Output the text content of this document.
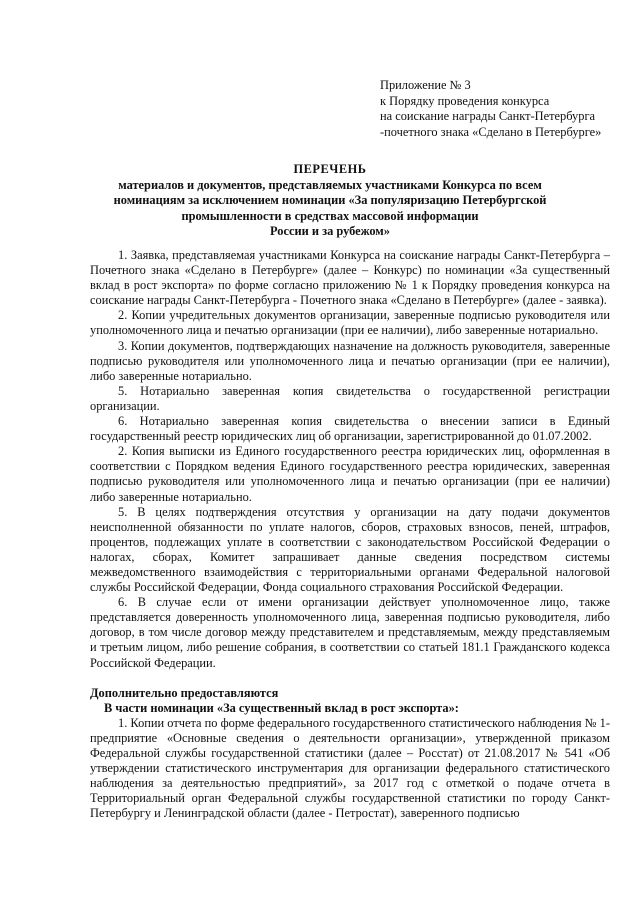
Приложение № 3
к Порядку проведения конкурса
на соискание награды Санкт-Петербурга
-почетного знака «Сделано в Петербурге»
ПЕРЕЧЕНЬ
материалов и документов, представляемых участниками Конкурса по всем
номинациям за исключением номинации «За популяризацию Петербургской
промышленности в средствах массовой информации
России и за рубежом»

1. Заявка, представляемая участниками Конкурса на соискание награды Санкт-Петербурга – Почетного знака «Сделано в Петербурге» (далее – Конкурс) по номинации «За существенный вклад в рост экспорта» по форме согласно приложению № 1 к Порядку проведения конкурса на соискание награды Санкт-Петербурга - Почетного знака «Сделано в Петербурге» (далее - заявка).

2. Копии учредительных документов организации, заверенные подписью руководителя или уполномоченного лица и печатью организации (при ее наличии), либо заверенные нотариально.

3. Копии документов, подтверждающих назначение на должность руководителя, заверенные подписью руководителя или уполномоченного лица и печатью организации (при ее наличии), либо заверенные нотариально.

5. Нотариально заверенная копия свидетельства о государственной регистрации организации.

6. Нотариально заверенная копия свидетельства о внесении записи в Единый государственный реестр юридических лиц об организации, зарегистрированной до 01.07.2002.

2. Копия выписки из Единого государственного реестра юридических лиц, оформленная в соответствии с Порядком ведения Единого государственного реестра юридических, заверенная подписью руководителя или уполномоченного лица и печатью организации (при ее наличии) либо заверенные нотариально.

5. В целях подтверждения отсутствия у организации на дату подачи документов неисполненной обязанности по уплате налогов, сборов, страховых взносов, пеней, штрафов, процентов, подлежащих уплате в соответствии с законодательством Российской Федерации о налогах, сборах, Комитет запрашивает данные сведения посредством системы межведомственного взаимодействия с территориальными органами Федеральной налоговой службы Российской Федерации, Фонда социального страхования Российской Федерации.

6. В случае если от имени организации действует уполномоченное лицо, также представляется доверенность уполномоченного лица, заверенная подписью руководителя, либо договор, в том числе договор между представителем и представляемым, между представляемым и третьим лицом, либо решение собрания, в соответствии со статьей 181.1 Гражданского кодекса Российской Федерации.

Дополнительно предоставляются

В части номинации «За существенный вклад в рост экспорта»:

1. Копии отчета по форме федерального государственного статистического наблюдения № 1-предприятие «Основные сведения о деятельности организации», утвержденной приказом Федеральной службы государственной статистики (далее – Росстат) от 21.08.2017 № 541 «Об утверждении статистического инструментария для организации федерального статистического наблюдения за деятельностью предприятий», за 2017 год с отметкой о подаче отчета в Территориальный орган Федеральной службы государственной статистики по городу Санкт-Петербургу и Ленинградской области (далее - Петростат), заверенного подписью
